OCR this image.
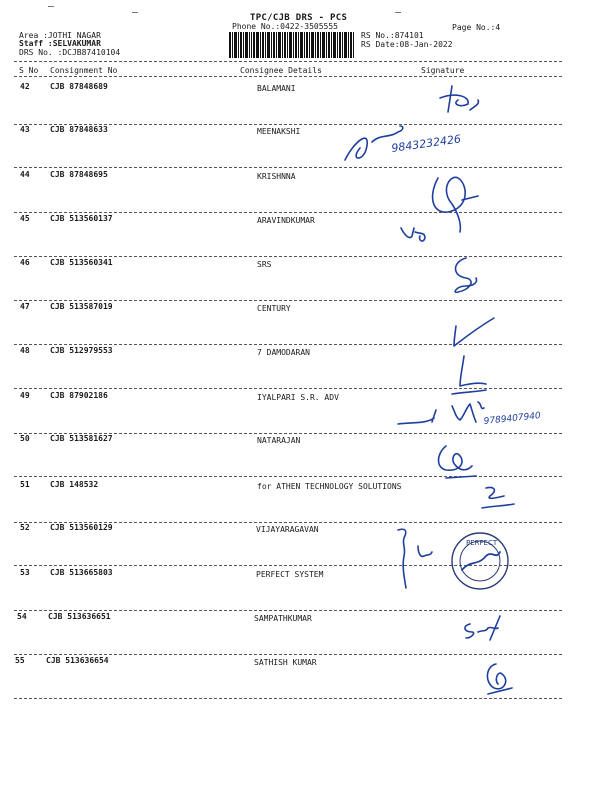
TPC/CJB DRS - PCS
Phone No.:0422-3505555	Page No.:4
Area :JOTHI NAGAR
Staff :SELVAKUMAR
DRS No. :DCJB87410104
RS No.:874101
RS Date:08-Jan-2022
S No Consignment No	Consignee Details	Signature
42	CJB 87848689	BALAMANI
43	CJB 87848633	MEENAKSHI
44	CJB 87848695	KRISHNNA
45	CJB 513560137	ARAVINDKUMAR
46	CJB 513560341	SRS
47	CJB 513587019	CENTURY
48	CJB 512979553	7 DAMODARAN
49	CJB 87902186	IYALPARI S.R. ADV
50	CJB 513581627	NATARAJAN
51	CJB 148532	for ATHEN TECHNOLOGY SOLUTIONS
52	CJB 513560129	VIJAYARAGAVAN
53	CJB 513665803	PERFECT SYSTEM
54	CJB 513636651	SAMPATHKUMAR
55	CJB 513636654	SATHISH KUMAR
9843232426
9789407940
PERFECT
